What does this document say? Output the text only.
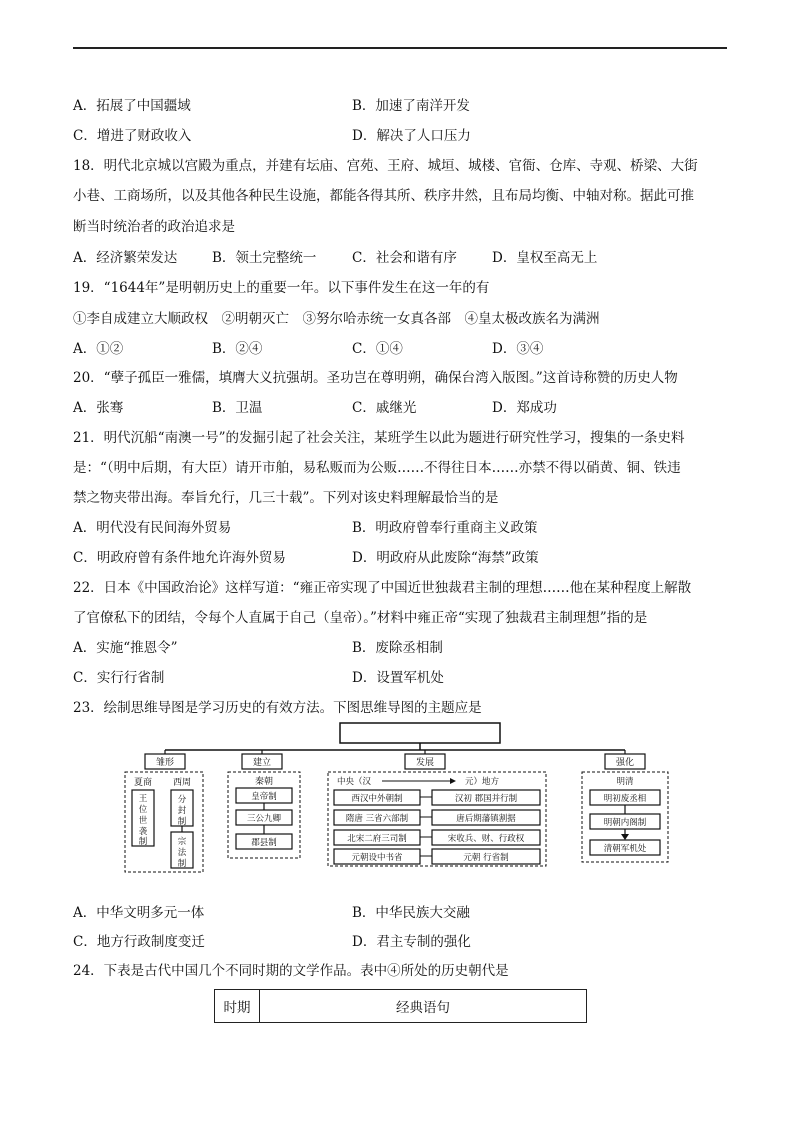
A．拓展了中国疆域	B．加速了南洋开发
C．增进了财政收入	D．解决了人口压力
18．明代北京城以宫殿为重点，并建有坛庙、宫苑、王府、城垣、城楼、官衙、仓库、寺观、桥梁、大街
小巷、工商场所，以及其他各种民生设施，都能各得其所、秩序井然，且布局均衡、中轴对称。据此可推
断当时统治者的政治追求是
A．经济繁荣发达	B．领土完整统一	C．社会和谐有序	D．皇权至高无上
19．“1644年”是明朝历史上的重要一年。以下事件发生在这一年的有
①李自成建立大顺政权　②明朝灭亡　③努尔哈赤统一女真各部　④皇太极改族名为满洲
A．①②	B．②④	C．①④	D．③④
20．“孽子孤臣一雅儒，填膺大义抗强胡。圣功岂在尊明朔，确保台湾入版图。”这首诗称赞的历史人物
A．张骞	B．卫温	C．戚继光	D．郑成功
21．明代沉船“南澳一号”的发掘引起了社会关注，某班学生以此为题进行研究性学习，搜集的一条史料
是：“（明中后期，有大臣）请开市舶，易私贩而为公贩……不得往日本……亦禁不得以硝黄、铜、铁违
禁之物夹带出海。奉旨允行，几三十载”。下列对该史料理解最恰当的是
A．明代没有民间海外贸易	B．明政府曾奉行重商主义政策
C．明政府曾有条件地允许海外贸易	D．明政府从此废除“海禁”政策
22．日本《中国政治论》这样写道：“雍正帝实现了中国近世独裁君主制的理想……他在某种程度上解散
了官僚私下的团结，令每个人直属于自己（皇帝）。”材料中雍正帝“实现了独裁君主制理想”指的是
A．实施“推恩令”	B．废除丞相制
C．实行行省制	D．设置军机处
23．绘制思维导图是学习历史的有效方法。下图思维导图的主题应是
雏形	建立	发展	强化
夏商 西周
王
位
世
袭
制
分
封
制
宗
法
制
秦朝
皇帝制
三公九卿
郡县制
中央（汉	元）地方
西汉中外朝制
隋唐 三省六部制
北宋二府三司制
元朝设中书省
汉初 郡国并行制
唐后期藩镇割据
宋收兵、财、行政权
元朝 行省制
明清
明初废丞相
明朝内阁制
清朝军机处
A．中华文明多元一体	B．中华民族大交融
C．地方行政制度变迁	D．君主专制的强化
24．下表是古代中国几个不同时期的文学作品。表中④所处的历史朝代是
时期	经典语句
